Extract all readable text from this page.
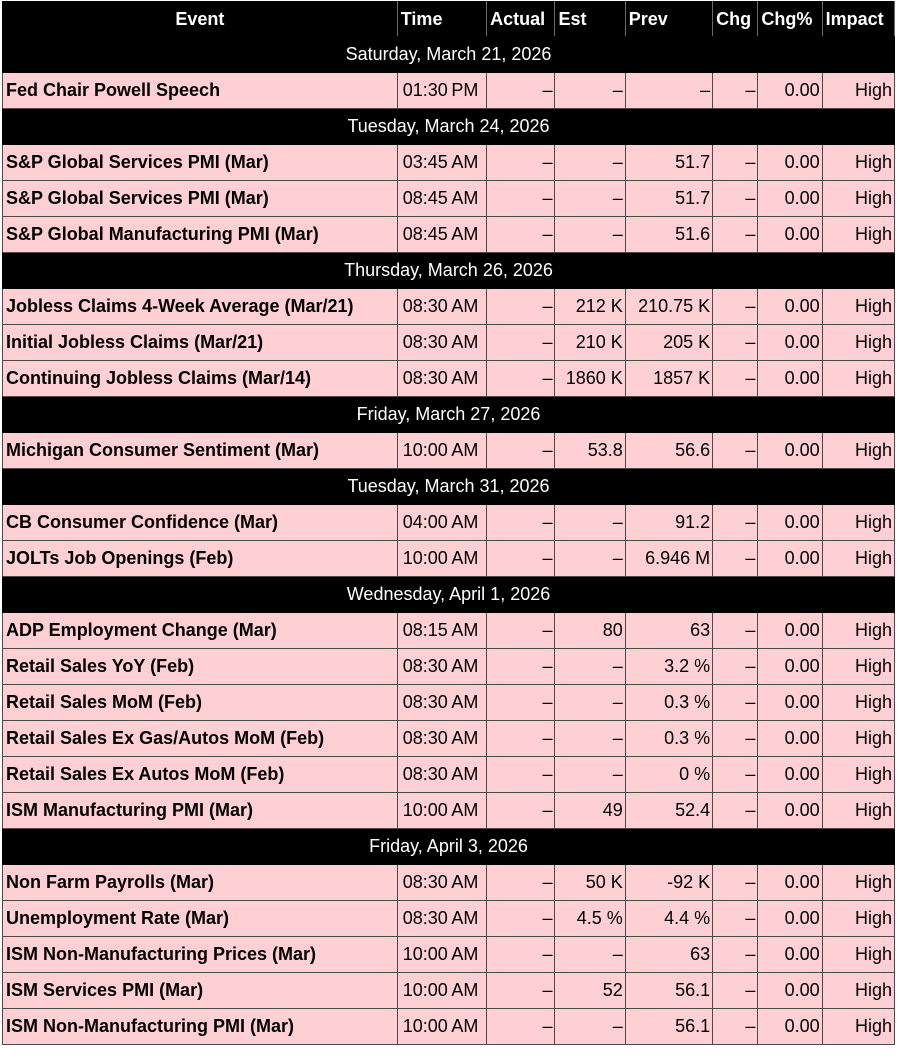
Event	Time	Actual	Est	Prev	Chg	Chg%	Impact
Saturday, March 21, 2026							
Fed Chair Powell Speech	01:30 PM	–	–	–	–	0.00	High
Tuesday, March 24, 2026							
S&P Global Services PMI (Mar)	03:45 AM	–	–	51.7	–	0.00	High
S&P Global Services PMI (Mar)	08:45 AM	–	–	51.7	–	0.00	High
S&P Global Manufacturing PMI (Mar)	08:45 AM	–	–	51.6	–	0.00	High
Thursday, March 26, 2026							
Jobless Claims 4-Week Average (Mar/21)	08:30 AM	–	212 K	210.75 K	–	0.00	High
Initial Jobless Claims (Mar/21)	08:30 AM	–	210 K	205 K	–	0.00	High
Continuing Jobless Claims (Mar/14)	08:30 AM	–	1860 K	1857 K	–	0.00	High
Friday, March 27, 2026							
Michigan Consumer Sentiment (Mar)	10:00 AM	–	53.8	56.6	–	0.00	High
Tuesday, March 31, 2026							
CB Consumer Confidence (Mar)	04:00 AM	–	–	91.2	–	0.00	High
JOLTs Job Openings (Feb)	10:00 AM	–	–	6.946 M	–	0.00	High
Wednesday, April 1, 2026							
ADP Employment Change (Mar)	08:15 AM	–	80	63	–	0.00	High
Retail Sales YoY (Feb)	08:30 AM	–	–	3.2 %	–	0.00	High
Retail Sales MoM (Feb)	08:30 AM	–	–	0.3 %	–	0.00	High
Retail Sales Ex Gas/Autos MoM (Feb)	08:30 AM	–	–	0.3 %	–	0.00	High
Retail Sales Ex Autos MoM (Feb)	08:30 AM	–	–	0 %	–	0.00	High
ISM Manufacturing PMI (Mar)	10:00 AM	–	49	52.4	–	0.00	High
Friday, April 3, 2026							
Non Farm Payrolls (Mar)	08:30 AM	–	50 K	-92 K	–	0.00	High
Unemployment Rate (Mar)	08:30 AM	–	4.5 %	4.4 %	–	0.00	High
ISM Non-Manufacturing Prices (Mar)	10:00 AM	–	–	63	–	0.00	High
ISM Services PMI (Mar)	10:00 AM	–	52	56.1	–	0.00	High
ISM Non-Manufacturing PMI (Mar)	10:00 AM	–	–	56.1	–	0.00	High
